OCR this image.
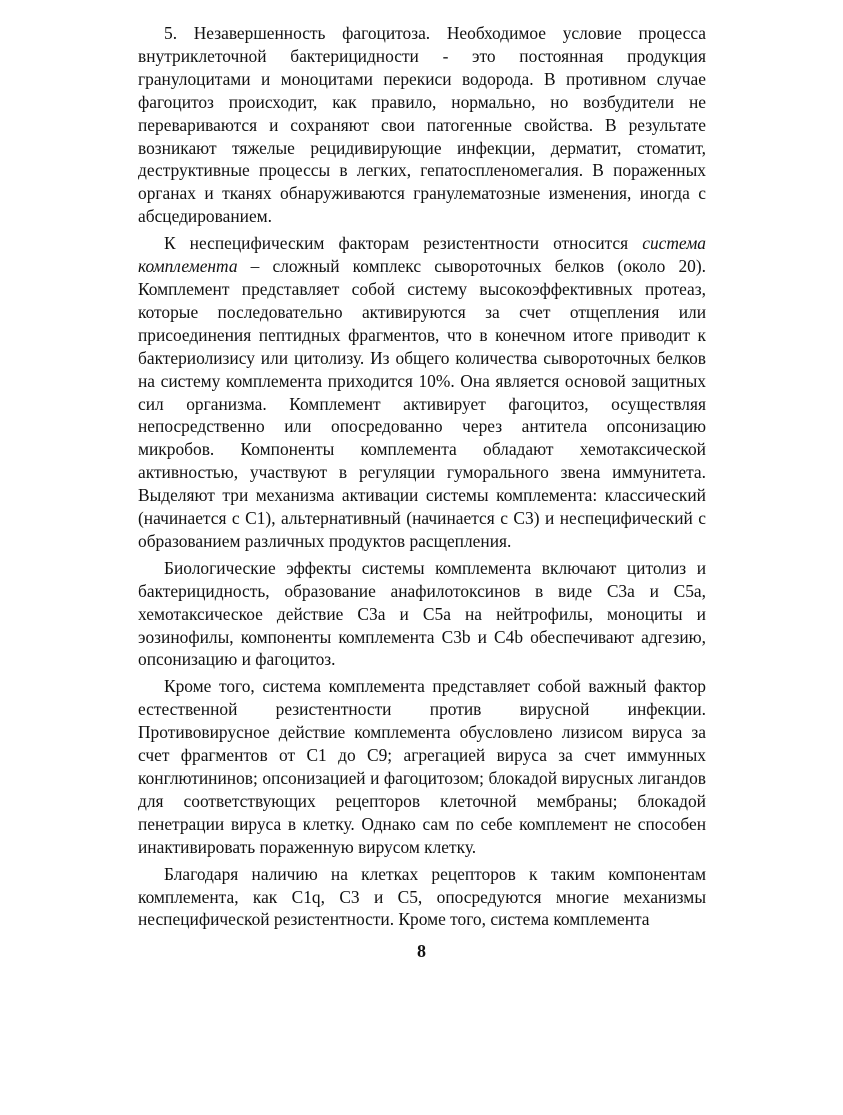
5. Незавершенность фагоцитоза. Необходимое условие процесса внутриклеточной бактерицидности - это постоянная продукция гранулоцитами и моноцитами перекиси водорода. В противном случае фагоцитоз происходит, как правило, нормально, но возбудители не перевариваются и сохраняют свои патогенные свойства. В результате возникают тяжелые рецидивирующие инфекции, дерматит, стоматит, деструктивные процессы в легких, гепатоспленомегалия. В пораженных органах и тканях обнаруживаются гранулематозные изменения, иногда с абсцедированием.

К неспецифическим факторам резистентности относится система комплемента – сложный комплекс сывороточных белков (около 20). Комплемент представляет собой систему высокоэффективных протеаз, которые последовательно активируются за счет отщепления или присоединения пептидных фрагментов, что в конечном итоге приводит к бактериолизису или цитолизу. Из общего количества сывороточных белков на систему комплемента приходится 10%. Она является основой защитных сил организма. Комплемент активирует фагоцитоз, осуществляя непосредственно или опосредованно через антитела опсонизацию микробов. Компоненты комплемента обладают хемотаксической активностью, участвуют в регуляции гуморального звена иммунитета. Выделяют три механизма активации системы комплемента: классический (начинается с С1), альтернативный (начинается с С3) и неспецифический с образованием различных продуктов расщепления.

Биологические эффекты системы комплемента включают цитолиз и бактерицидность, образование анафилотоксинов в виде С3а и С5а, хемотаксическое действие С3а и С5а на нейтрофилы, моноциты и эозинофилы, компоненты комплемента С3b и С4b обеспечивают адгезию, опсонизацию и фагоцитоз.

Кроме того, система комплемента представляет собой важный фактор естественной резистентности против вирусной инфекции. Противовирусное действие комплемента обусловлено лизисом вируса за счет фрагментов от С1 до С9; агрегацией вируса за счет иммунных конглютининов; опсонизацией и фагоцитозом; блокадой вирусных лигандов для соответствующих рецепторов клеточной мембраны; блокадой пенетрации вируса в клетку. Однако сам по себе комплемент не способен инактивировать пораженную вирусом клетку.

Благодаря наличию на клетках рецепторов к таким компонентам комплемента, как С1q, С3 и С5, опосредуются многие механизмы неспецифической резистентности. Кроме того, система комплемента

8
